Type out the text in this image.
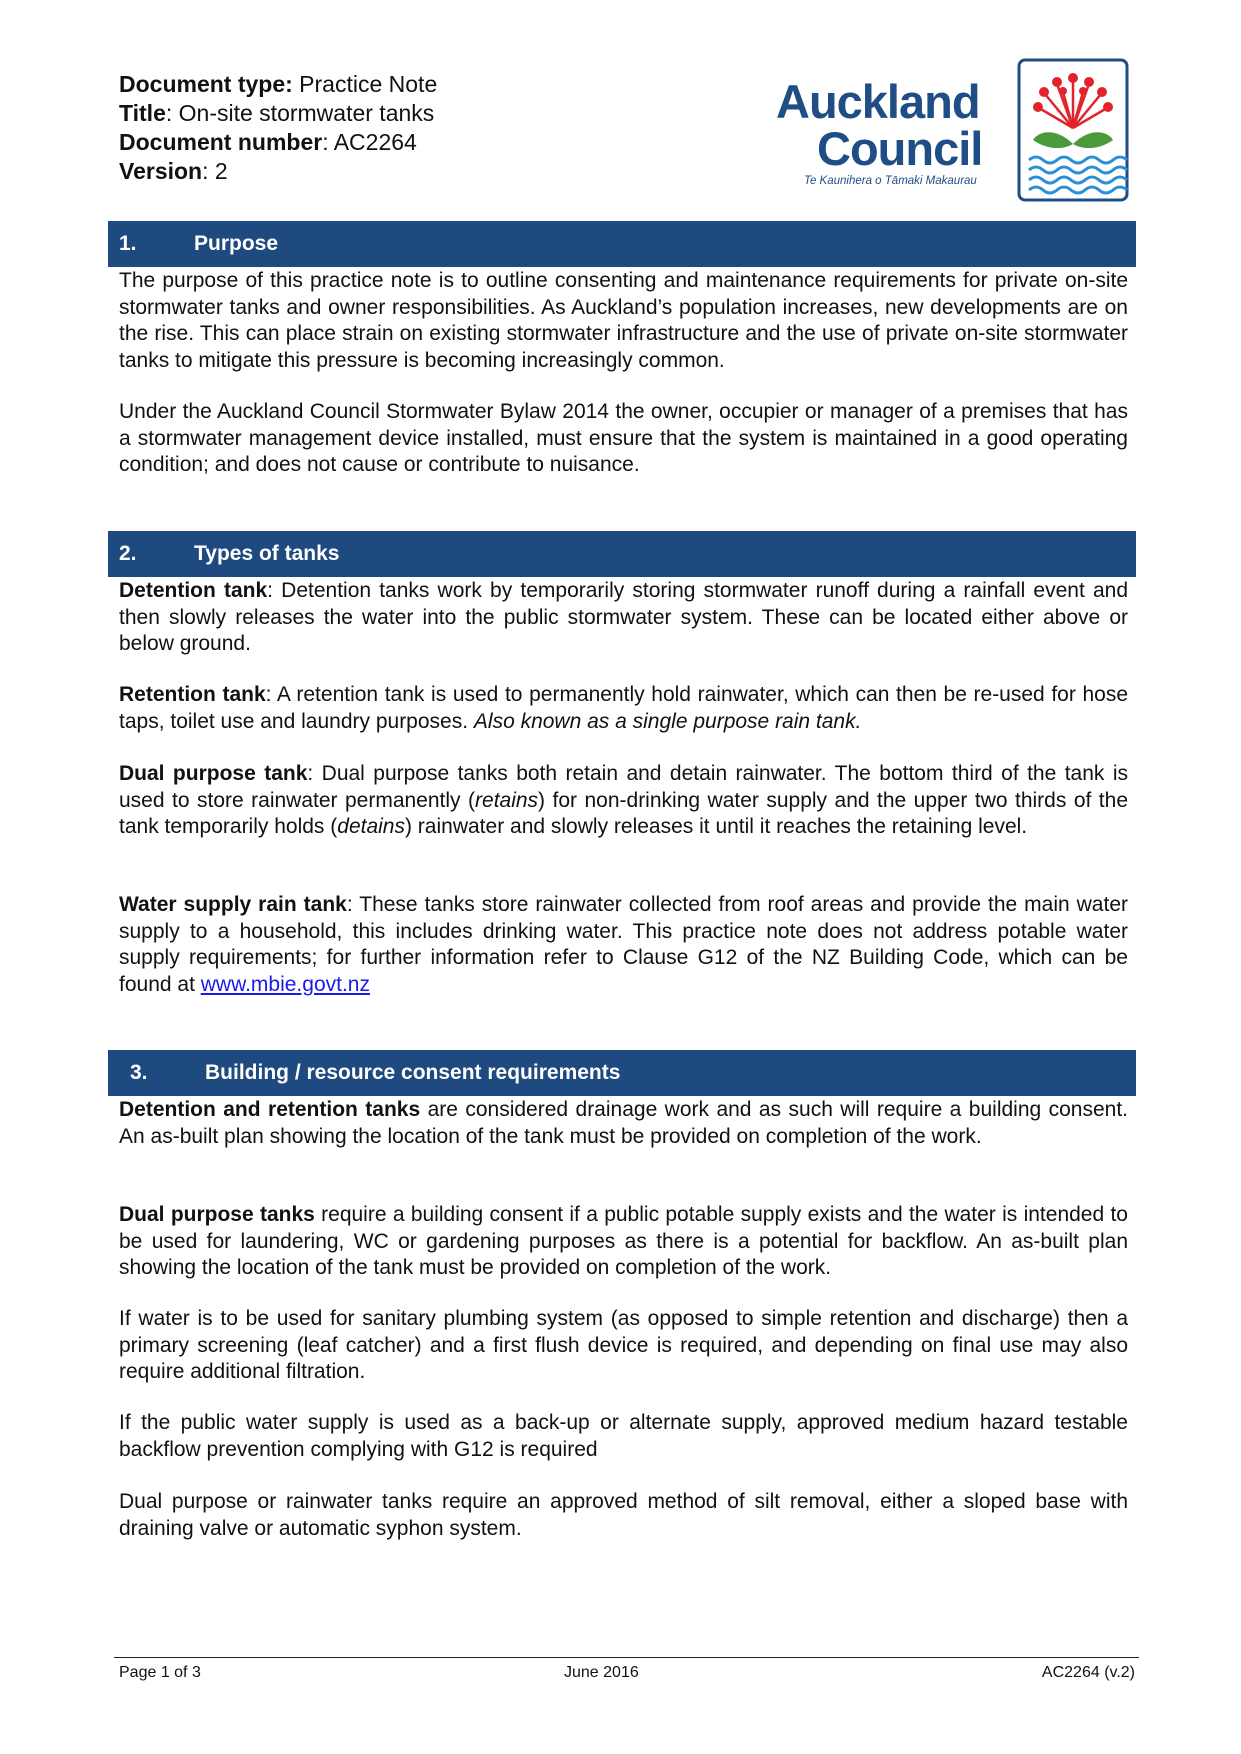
Document type: Practice Note
Title: On-site stormwater tanks
Document number: AC2264
Version: 2
Auckland
Council
Te Kaunihera o Tāmaki Makaurau
1.	Purpose

The purpose of this practice note is to outline consenting and maintenance requirements for private on-site stormwater tanks and owner responsibilities. As Auckland’s population increases, new developments are on the rise. This can place strain on existing stormwater infrastructure and the use of private on-site stormwater tanks to mitigate this pressure is becoming increasingly common.

Under the Auckland Council Stormwater Bylaw 2014 the owner, occupier or manager of a premises that has a stormwater management device installed, must ensure that the system is maintained in a good operating condition; and does not cause or contribute to nuisance.

2.	Types of tanks

Detention tank: Detention tanks work by temporarily storing stormwater runoff during a rainfall event and then slowly releases the water into the public stormwater system. These can be located either above or below ground.

Retention tank: A retention tank is used to permanently hold rainwater, which can then be re-used for hose taps, toilet use and laundry purposes. Also known as a single purpose rain tank.

Dual purpose tank: Dual purpose tanks both retain and detain rainwater. The bottom third of the tank is used to store rainwater permanently (retains) for non-drinking water supply and the upper two thirds of the tank temporarily holds (detains) rainwater and slowly releases it until it reaches the retaining level.

Water supply rain tank: These tanks store rainwater collected from roof areas and provide the main water supply to a household, this includes drinking water. This practice note does not address potable water supply requirements; for further information refer to Clause G12 of the NZ Building Code, which can be found at www.mbie.govt.nz

3.	Building / resource consent requirements

Detention and retention tanks are considered drainage work and as such will require a building consent. An as-built plan showing the location of the tank must be provided on completion of the work.

Dual purpose tanks require a building consent if a public potable supply exists and the water is intended to be used for laundering, WC or gardening purposes as there is a potential for backflow. An as-built plan showing the location of the tank must be provided on completion of the work.

If water is to be used for sanitary plumbing system (as opposed to simple retention and discharge) then a primary screening (leaf catcher) and a first flush device is required, and depending on final use may also require additional filtration.

If the public water supply is used as a back-up or alternate supply, approved medium hazard testable backflow prevention complying with G12 is required

Dual purpose or rainwater tanks require an approved method of silt removal, either a sloped base with draining valve or automatic syphon system.

Page 1 of 3	June 2016	AC2264 (v.2)
